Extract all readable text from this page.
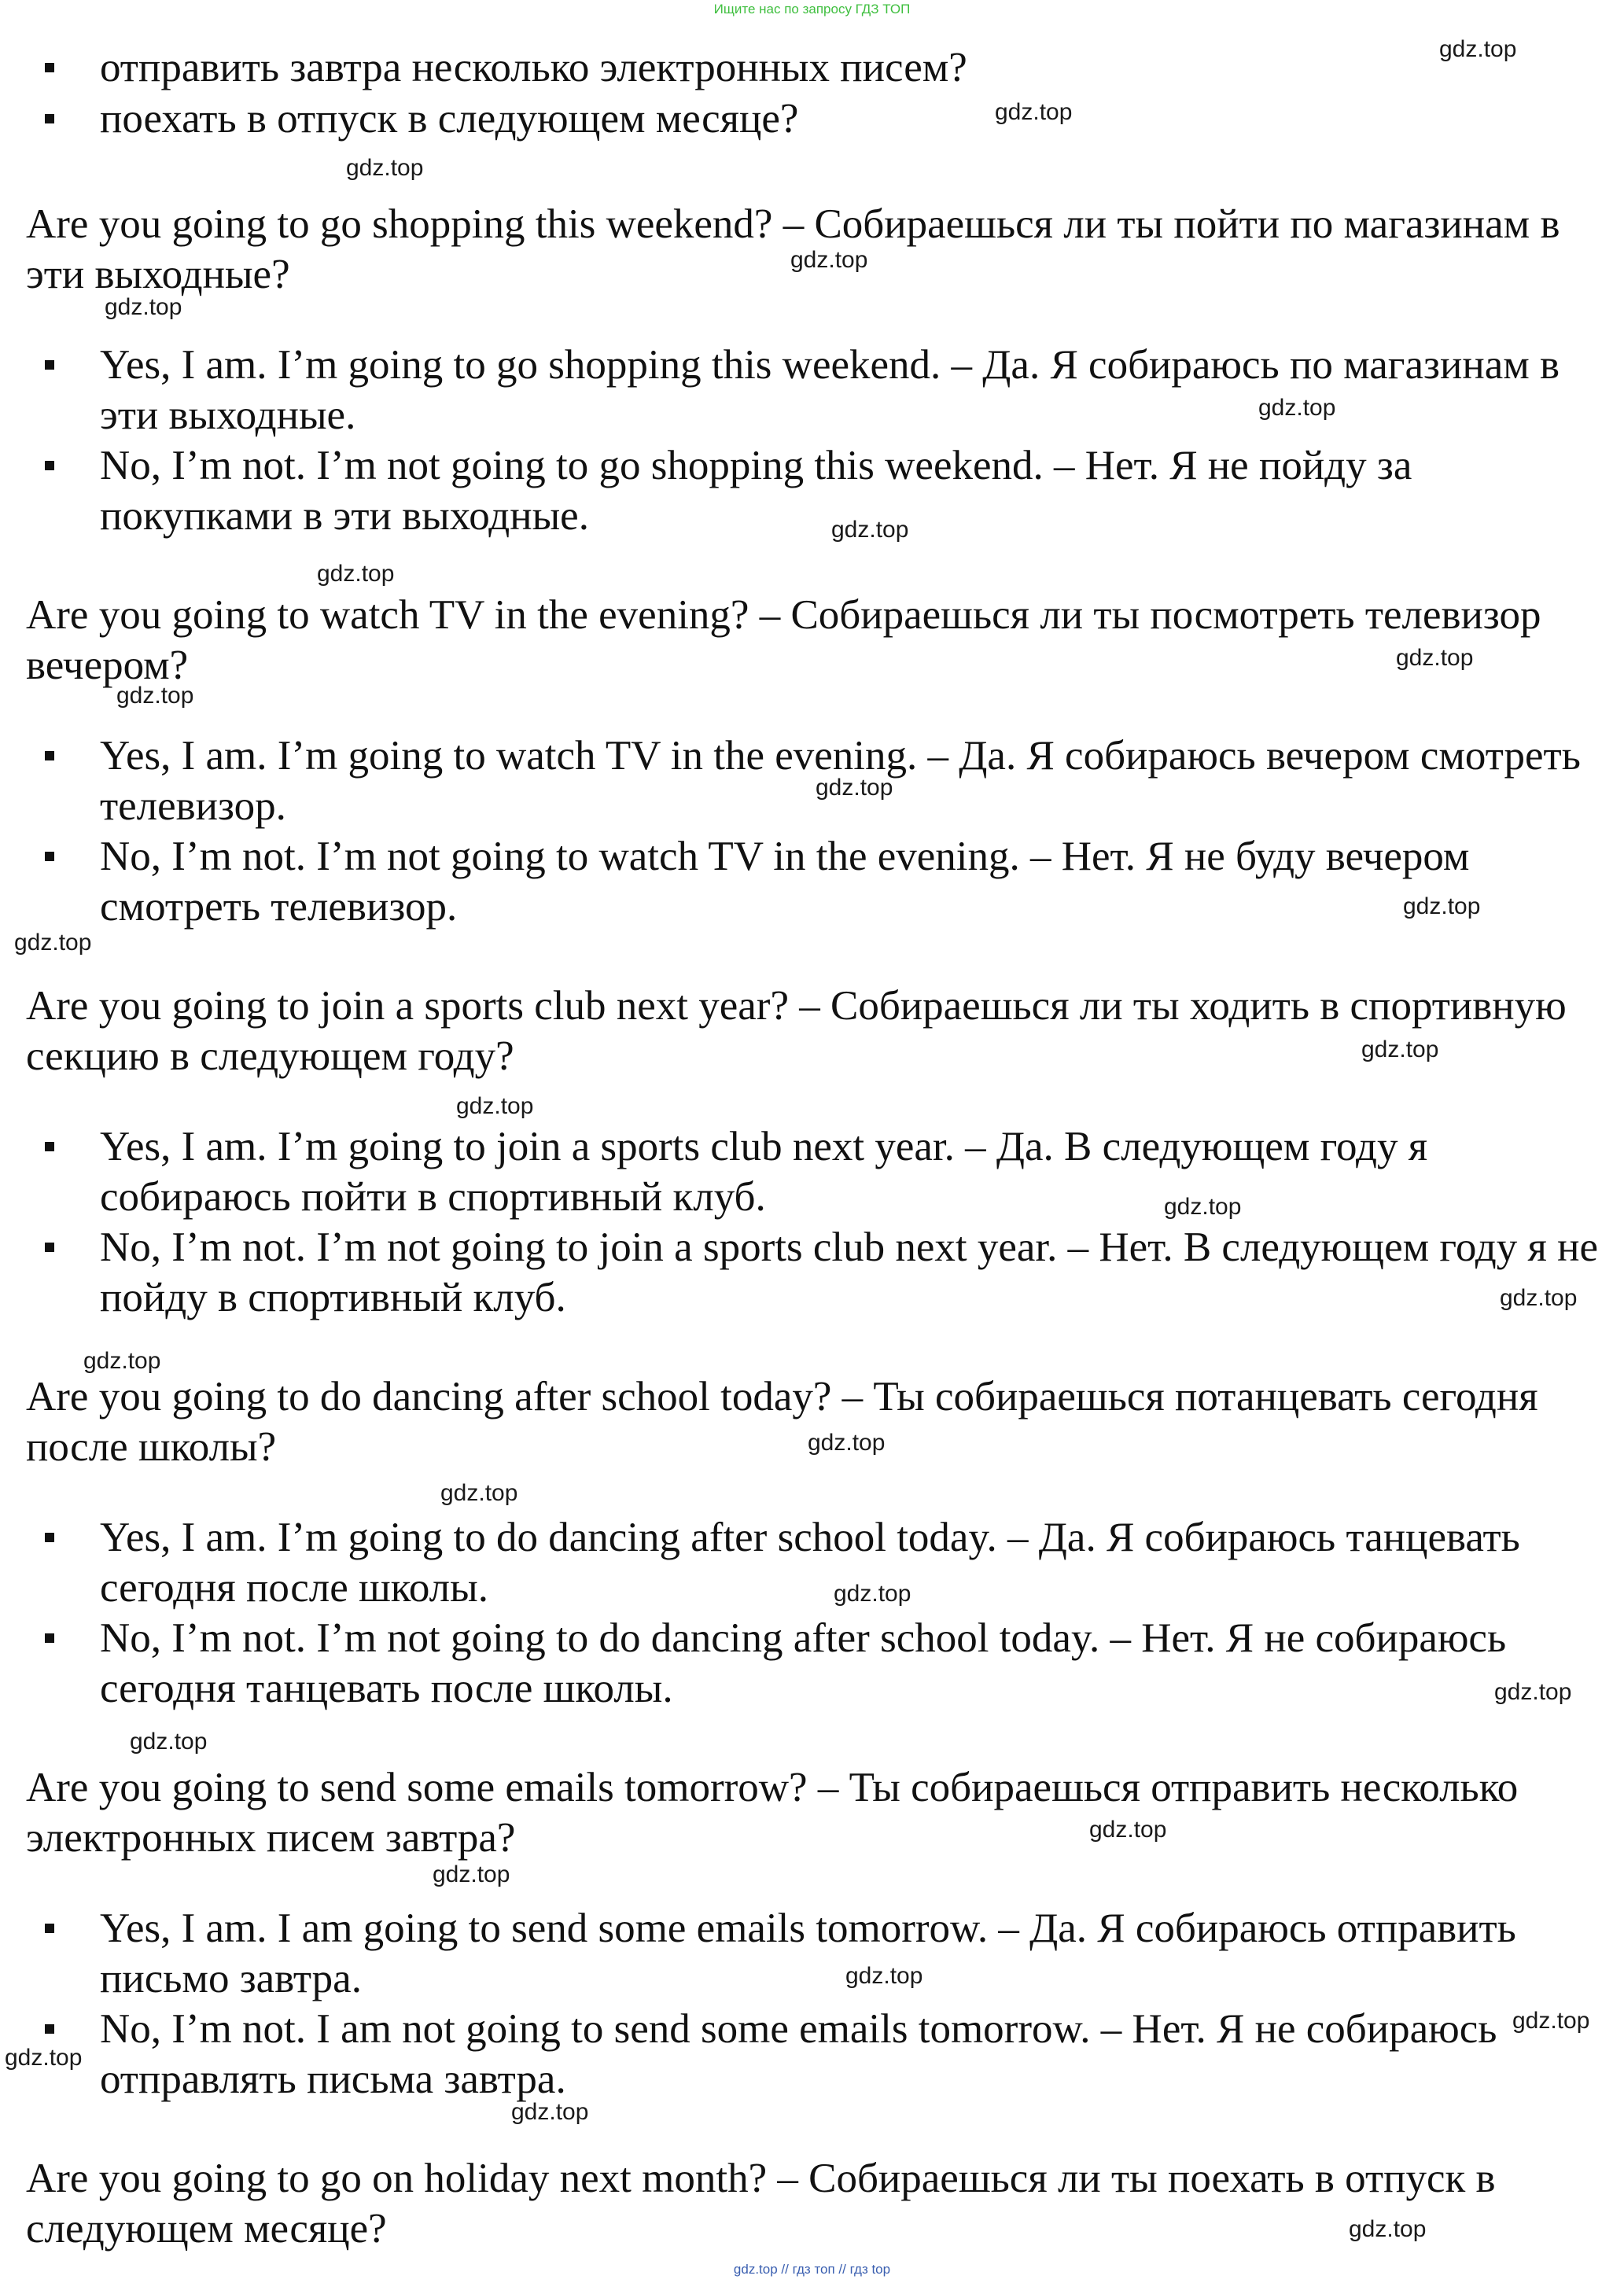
Ищите нас по запросу ГДЗ ТОП
отправить завтра несколько электронных писем?
поехать в отпуск в следующем месяце?
Are you going to go shopping this weekend? – Собираешься ли ты пойти по магазинам в эти выходные?
Yes, I am. I’m going to go shopping this weekend. – Да. Я собираюсь по магазинам в эти выходные.
No, I’m not. I’m not going to go shopping this weekend. – Нет. Я не пойду за покупками в эти выходные.
Are you going to watch TV in the evening? – Собираешься ли ты посмотреть телевизор вечером?
Yes, I am. I’m going to watch TV in the evening. – Да. Я собираюсь вечером смотреть телевизор.
No, I’m not. I’m not going to watch TV in the evening. – Нет. Я не буду вечером смотреть телевизор.
Are you going to join a sports club next year? – Собираешься ли ты ходить в спортивную секцию в следующем году?
Yes, I am. I’m going to join a sports club next year. – Да. В следующем году я собираюсь пойти в спортивный клуб.
No, I’m not. I’m not going to join a sports club next year. – Нет. В следующем году я не пойду в спортивный клуб.
Are you going to do dancing after school today? – Ты собираешься потанцевать сегодня после школы?
Yes, I am. I’m going to do dancing after school today. – Да. Я собираюсь танцевать сегодня после школы.
No, I’m not. I’m not going to do dancing after school today. – Нет. Я не собираюсь сегодня танцевать после школы.
Are you going to send some emails tomorrow? – Ты собираешься отправить несколько электронных писем завтра?
Yes, I am. I am going to send some emails tomorrow. – Да. Я собираюсь отправить письмо завтра.
No, I’m not. I am not going to send some emails tomorrow. – Нет. Я не собираюсь отправлять письма завтра.
Are you going to go on holiday next month? – Собираешься ли ты поехать в отпуск в следующем месяце?
gdz.top
gdz.top
gdz.top
gdz.top
gdz.top
gdz.top
gdz.top
gdz.top
gdz.top
gdz.top
gdz.top
gdz.top
gdz.top
gdz.top
gdz.top
gdz.top
gdz.top
gdz.top
gdz.top
gdz.top
gdz.top
gdz.top
gdz.top
gdz.top
gdz.top
gdz.top
gdz.top
gdz.top
gdz.top
gdz.top
gdz.top // гдз топ // гдз top
